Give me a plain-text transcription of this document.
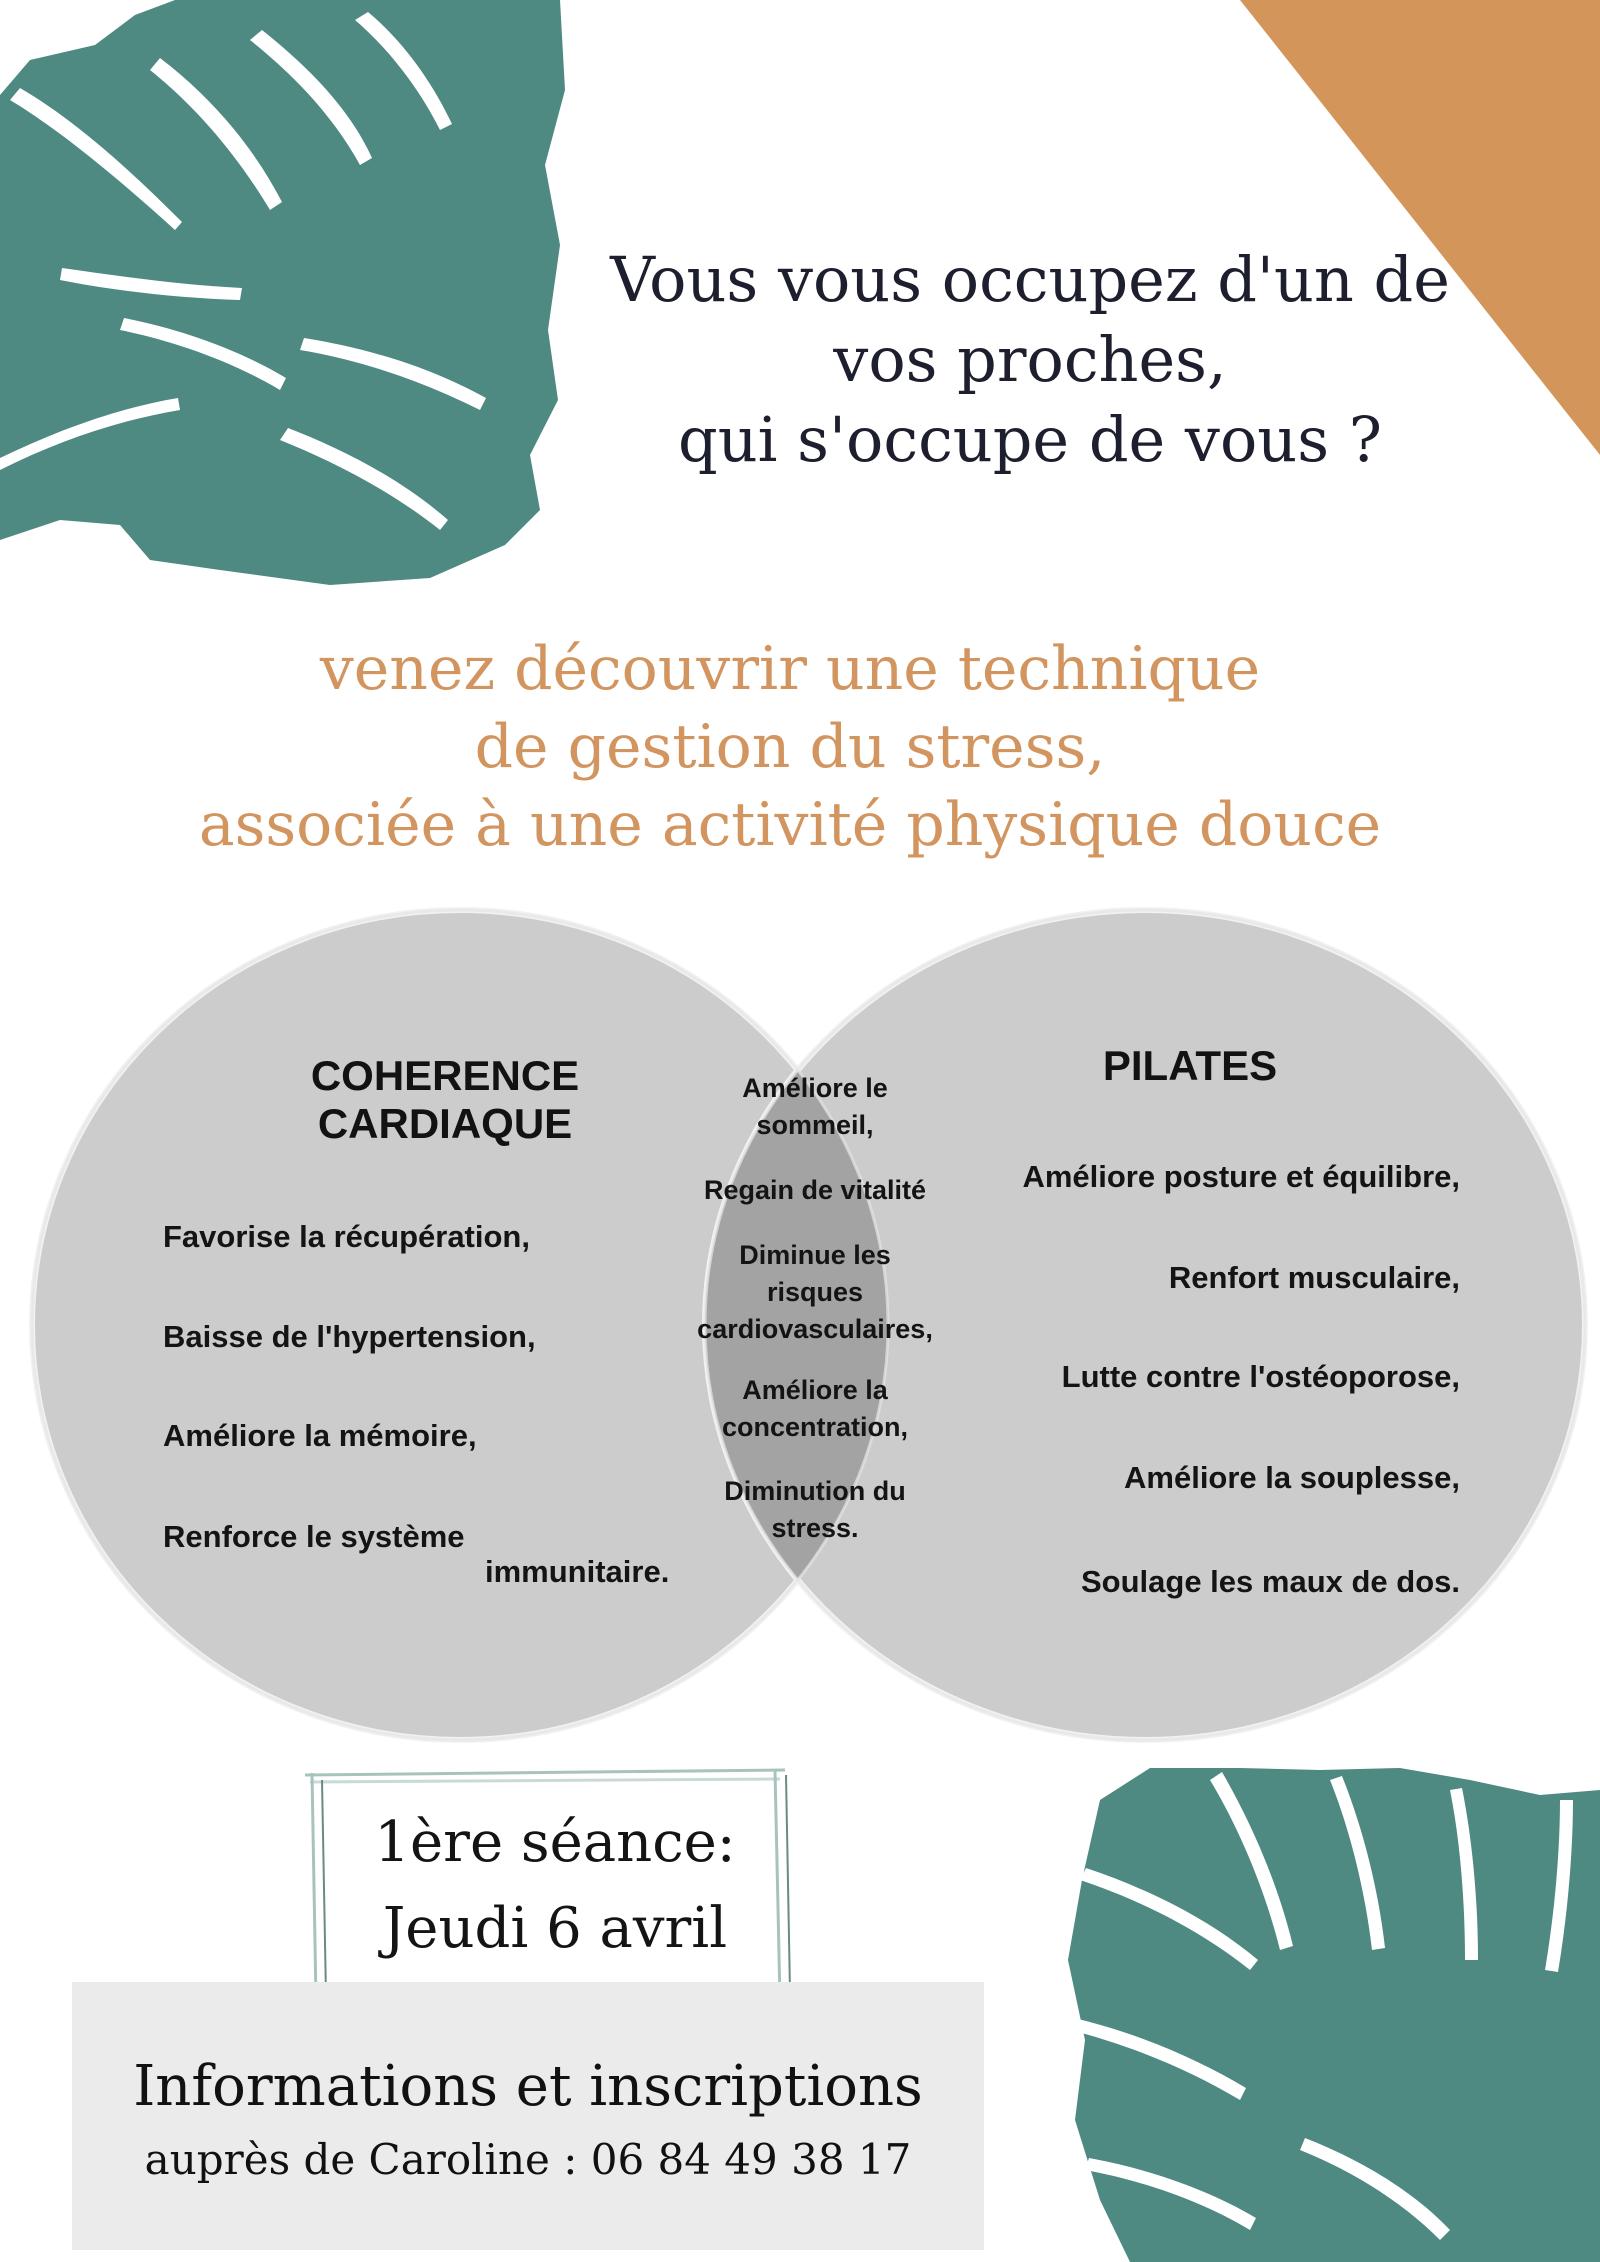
Vous vous occupez d'un de
vos proches,
qui s'occupe de vous ?
venez découvrir une technique
de gestion du stress,
associée à une activité physique douce
COHERENCE
CARDIAQUE
Favorise la récupération,
Baisse de l'hypertension,
Améliore la mémoire,
Renforce le système
immunitaire.
PILATES
Améliore posture et équilibre,
Renfort musculaire,
Lutte contre l'ostéoporose,
Améliore la souplesse,
Soulage les maux de dos.
Améliore le
sommeil,
Regain de vitalité
Diminue les
risques
cardiovasculaires,
Améliore la
concentration,
Diminution du
stress.
1ère séance:
Jeudi 6 avril
Informations et inscriptions
auprès de Caroline : 06 84 49 38 17
